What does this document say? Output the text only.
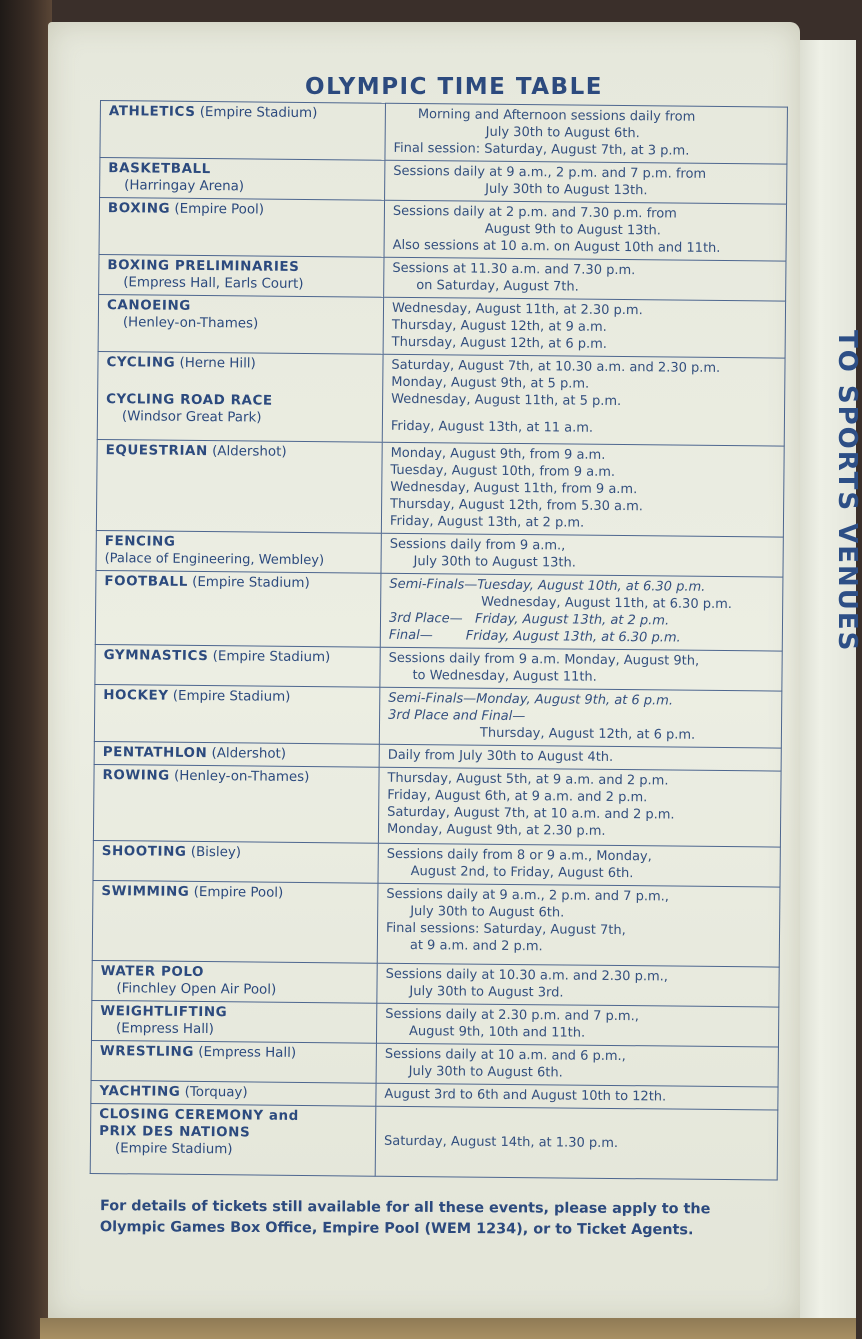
TO SPORTS VENUES
OLYMPIC TIME TABLE
ATHLETICS (Empire Stadium)	Morning and Afternoon sessions daily from
July 30th to August 6th.
Final session: Saturday, August 7th, at 3 p.m.

BASKETBALL
(Harringay Arena)	Sessions daily at 9 a.m., 2 p.m. and 7 p.m. from
July 30th to August 13th.

BOXING (Empire Pool)	Sessions daily at 2 p.m. and 7.30 p.m. from
August 9th to August 13th.
Also sessions at 10 a.m. on August 10th and 11th.

BOXING PRELIMINARIES
(Empress Hall, Earls Court)	Sessions at 11.30 a.m. and 7.30 p.m.
on Saturday, August 7th.

CANOEING
(Henley-on-Thames)	Wednesday, August 11th, at 2.30 p.m.
Thursday, August 12th, at 9 a.m.
Thursday, August 12th, at 6 p.m.

CYCLING (Herne Hill)
CYCLING ROAD RACE
(Windsor Great Park)	Saturday, August 7th, at 10.30 a.m. and 2.30 p.m.
Monday, August 9th, at 5 p.m.
Wednesday, August 11th, at 5 p.m.
Friday, August 13th, at 11 a.m.

EQUESTRIAN (Aldershot)	Monday, August 9th, from 9 a.m.
Tuesday, August 10th, from 9 a.m.
Wednesday, August 11th, from 9 a.m.
Thursday, August 12th, from 5.30 a.m.
Friday, August 13th, at 2 p.m.

FENCING
(Palace of Engineering, Wembley)	Sessions daily from 9 a.m.,
July 30th to August 13th.

FOOTBALL (Empire Stadium)	Semi-Finals—Tuesday, August 10th, at 6.30 p.m.
Wednesday, August 11th, at 6.30 p.m.
3rd Place—   Friday, August 13th, at 2 p.m.
Final—        Friday, August 13th, at 6.30 p.m.

GYMNASTICS (Empire Stadium)	Sessions daily from 9 a.m. Monday, August 9th,
to Wednesday, August 11th.

HOCKEY (Empire Stadium)	Semi-Finals—Monday, August 9th, at 6 p.m.
3rd Place and Final—
Thursday, August 12th, at 6 p.m.

PENTATHLON (Aldershot)	Daily from July 30th to August 4th.

ROWING (Henley-on-Thames)	Thursday, August 5th, at 9 a.m. and 2 p.m.
Friday, August 6th, at 9 a.m. and 2 p.m.
Saturday, August 7th, at 10 a.m. and 2 p.m.
Monday, August 9th, at 2.30 p.m.

SHOOTING (Bisley)	Sessions daily from 8 or 9 a.m., Monday,
August 2nd, to Friday, August 6th.

SWIMMING (Empire Pool)	Sessions daily at 9 a.m., 2 p.m. and 7 p.m.,
July 30th to August 6th.
Final sessions: Saturday, August 7th,
at 9 a.m. and 2 p.m.

WATER POLO
(Finchley Open Air Pool)	Sessions daily at 10.30 a.m. and 2.30 p.m.,
July 30th to August 3rd.

WEIGHTLIFTING
(Empress Hall)	Sessions daily at 2.30 p.m. and 7 p.m.,
August 9th, 10th and 11th.

WRESTLING (Empress Hall)	Sessions daily at 10 a.m. and 6 p.m.,
July 30th to August 6th.

YACHTING (Torquay)	August 3rd to 6th and August 10th to 12th.

CLOSING CEREMONY and PRIX DES NATIONS
(Empire Stadium)	Saturday, August 14th, at 1.30 p.m.
For details of tickets still available for all these events, please apply to the
Olympic Games Box Office, Empire Pool (WEM 1234), or to Ticket Agents.
